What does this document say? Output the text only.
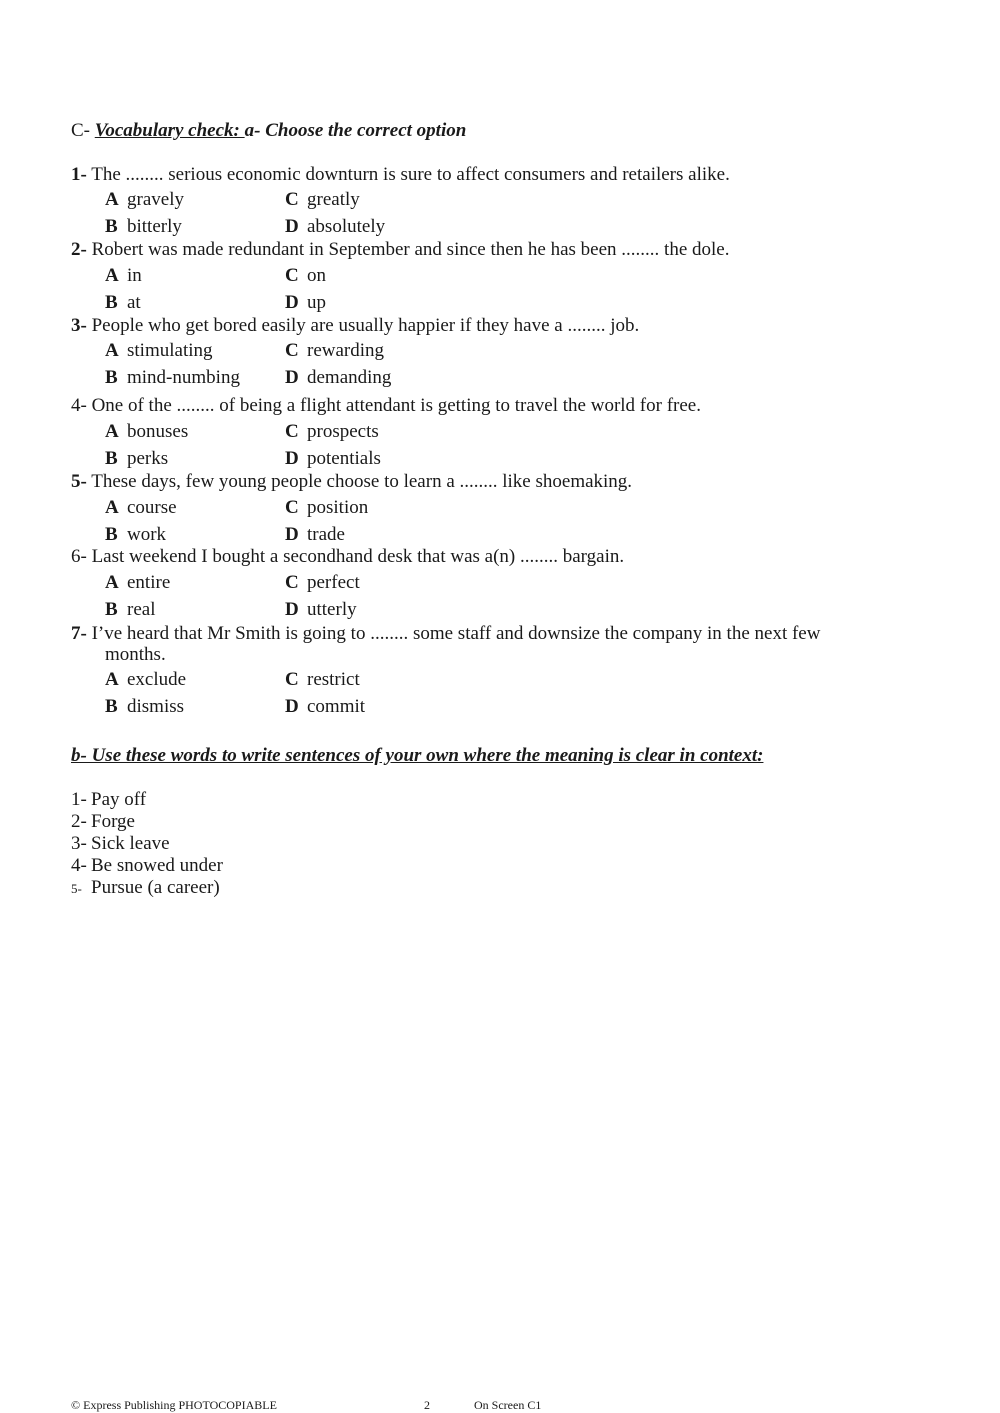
C- Vocabulary check: a- Choose the correct option
1- The ........ serious economic downturn is sure to affect consumers and retailers alike.
A gravely	C greatly
B bitterly	D absolutely
2- Robert was made redundant in September and since then he has been ........ the dole.
A in	C on
B at	D up
3- People who get bored easily are usually happier if they have a ........ job.
A stimulating	C rewarding
B mind-numbing D demanding
4- One of the ........ of being a flight attendant is getting to travel the world for free.
A bonuses	C prospects
B perks	D potentials
5- These days, few young people choose to learn a ........ like shoemaking.
A course	C position
B work	D trade
6- Last weekend I bought a secondhand desk that was a(n) ........ bargain.
A entire	C perfect
B real	D utterly
7- I’ve heard that Mr Smith is going to ........ some staff and downsize the company in the next few
months.
A exclude	C restrict
B dismiss	D commit
b- Use these words to write sentences of your own where the meaning is clear in context:
1- Pay off
2- Forge
3- Sick leave
4- Be snowed under
5- Pursue (a career)
© Express Publishing PHOTOCOPIABLE	2	On Screen C1
